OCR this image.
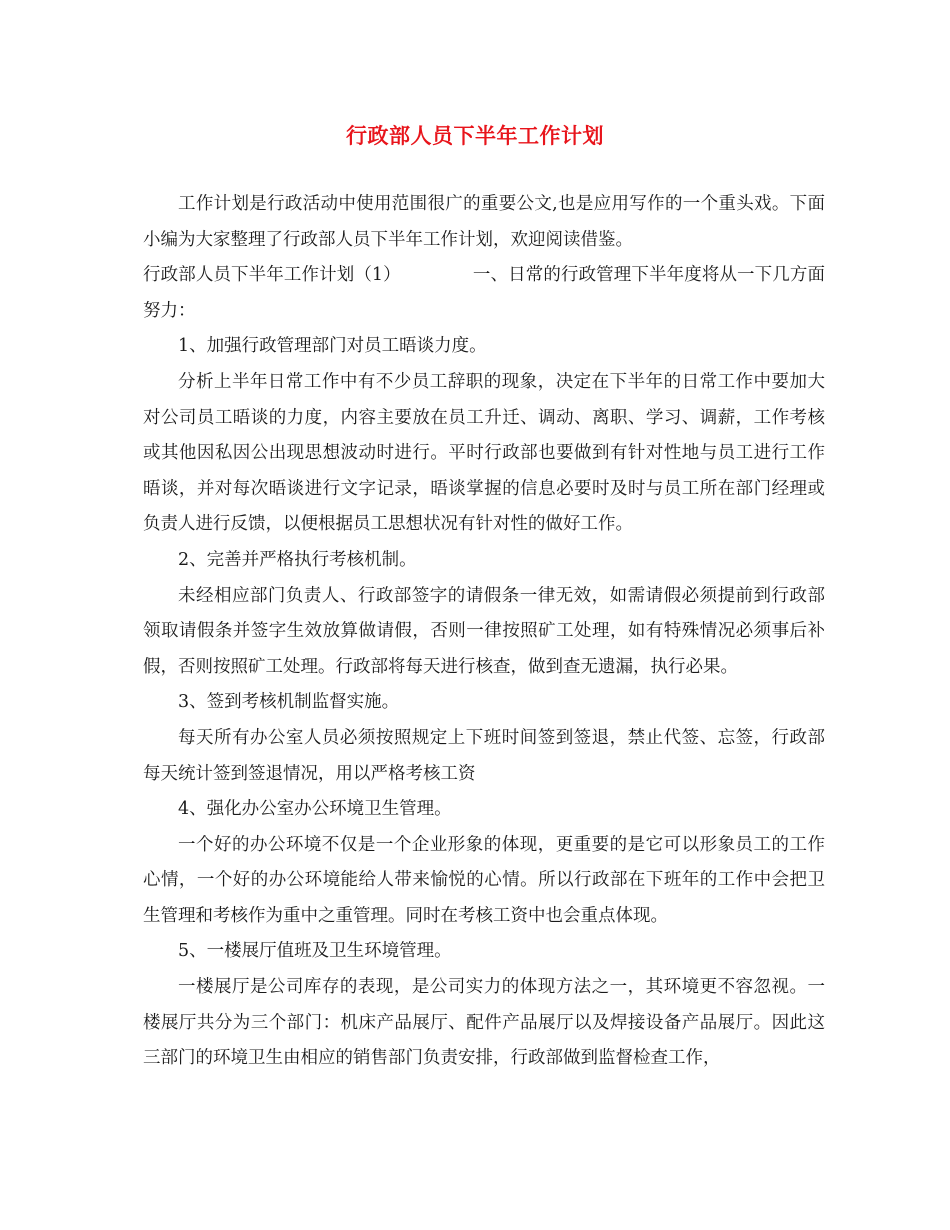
行政部人员下半年工作计划

工作计划是行政活动中使用范围很广的重要公文,也是应用写作的一个重头戏。下面小编为大家整理了行政部人员下半年工作计划，欢迎阅读借鉴。

行政部人员下半年工作计划（1）	一、日常的行政管理下半年度将从一下几方面努力：

1、加强行政管理部门对员工晤谈力度。

分析上半年日常工作中有不少员工辞职的现象，决定在下半年的日常工作中要加大对公司员工晤谈的力度，内容主要放在员工升迁、调动、离职、学习、调薪，工作考核或其他因私因公出现思想波动时进行。平时行政部也要做到有针对性地与员工进行工作晤谈，并对每次晤谈进行文字记录，晤谈掌握的信息必要时及时与员工所在部门经理或负责人进行反馈，以便根据员工思想状况有针对性的做好工作。

2、完善并严格执行考核机制。

未经相应部门负责人、行政部签字的请假条一律无效，如需请假必须提前到行政部领取请假条并签字生效放算做请假，否则一律按照矿工处理，如有特殊情况必须事后补假，否则按照矿工处理。行政部将每天进行核查，做到查无遗漏，执行必果。

3、签到考核机制监督实施。

每天所有办公室人员必须按照规定上下班时间签到签退，禁止代签、忘签，行政部每天统计签到签退情况，用以严格考核工资

4、强化办公室办公环境卫生管理。

一个好的办公环境不仅是一个企业形象的体现，更重要的是它可以形象员工的工作心情，一个好的办公环境能给人带来愉悦的心情。所以行政部在下班年的工作中会把卫生管理和考核作为重中之重管理。同时在考核工资中也会重点体现。

5、一楼展厅值班及卫生环境管理。

一楼展厅是公司库存的表现，是公司实力的体现方法之一，其环境更不容忽视。一楼展厅共分为三个部门：机床产品展厅、配件产品展厅以及焊接设备产品展厅。因此这三部门的环境卫生由相应的销售部门负责安排，行政部做到监督检查工作，
